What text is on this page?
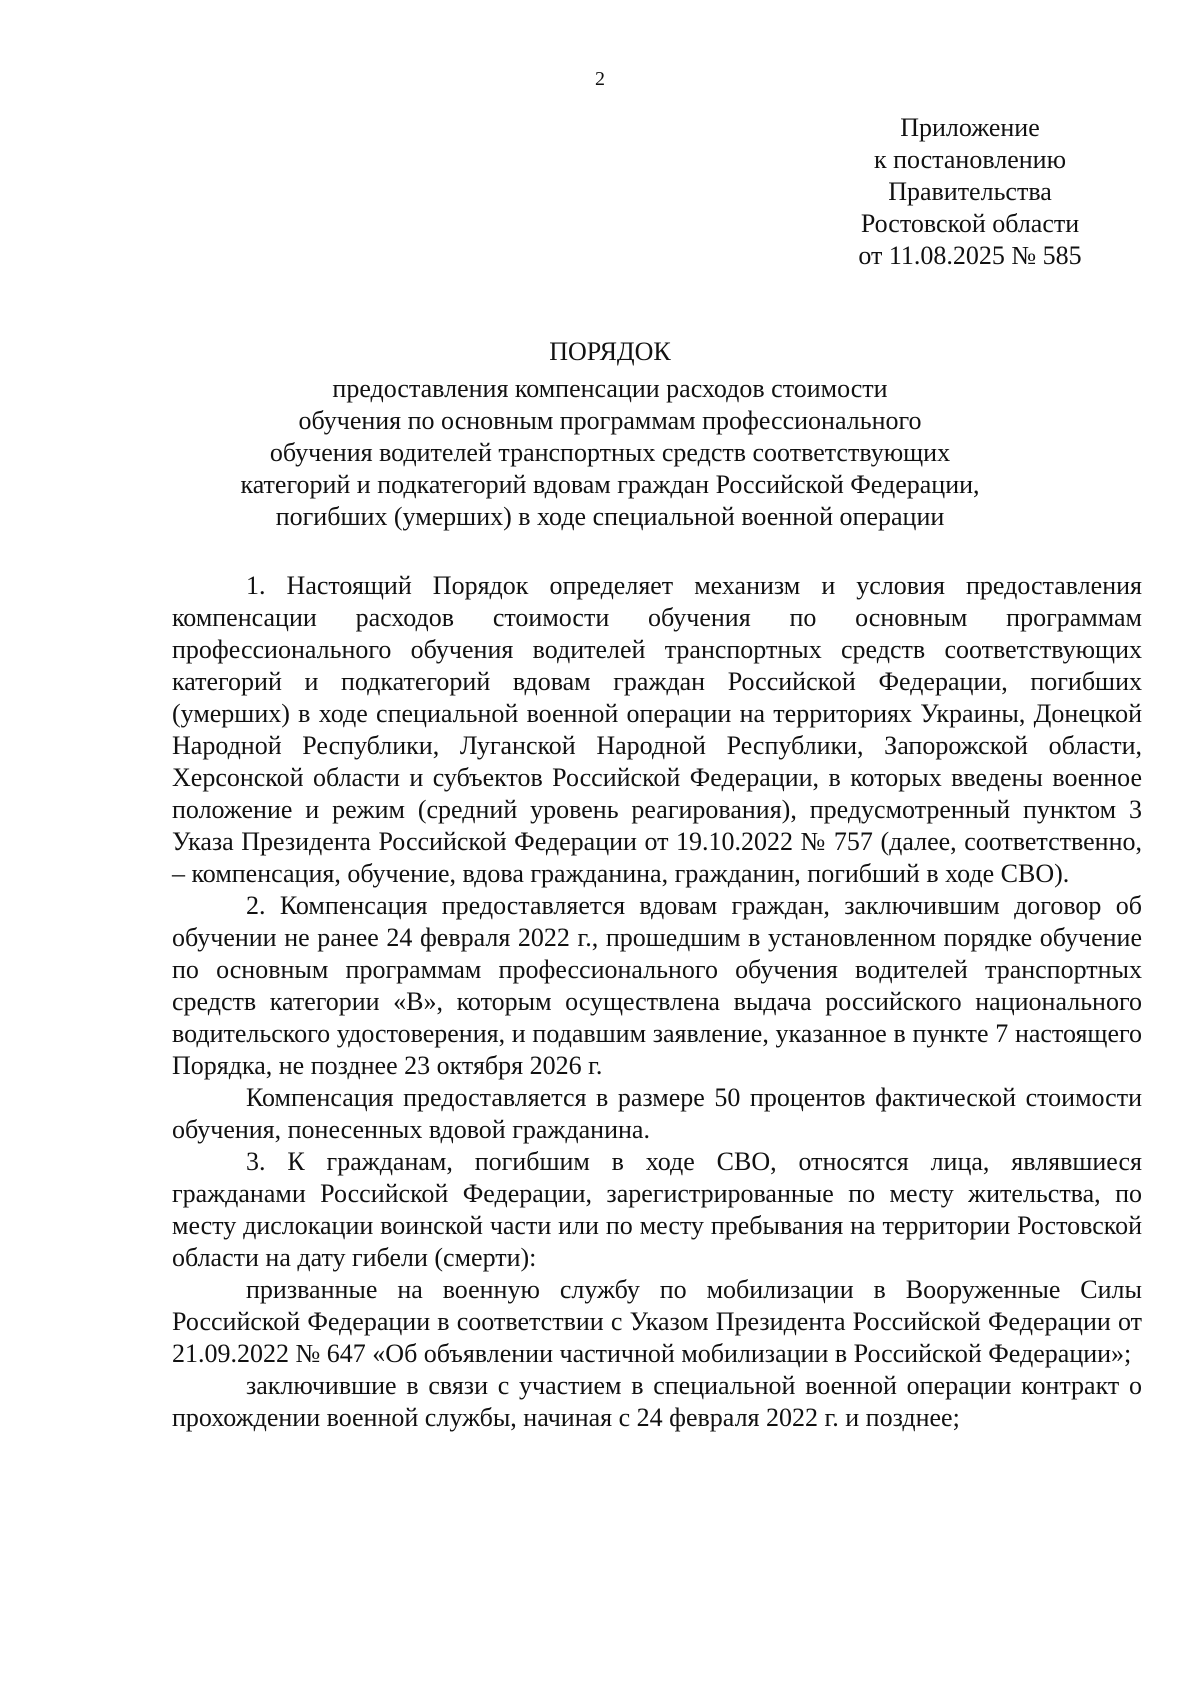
2
Приложение
к постановлению
Правительства
Ростовской области
от 11.08.2025 № 585
ПОРЯДОК
предоставления компенсации расходов стоимости
обучения по основным программам профессионального
обучения водителей транспортных средств соответствующих
категорий и подкатегорий вдовам граждан Российской Федерации,
погибших (умерших) в ходе специальной военной операции

1. Настоящий Порядок определяет механизм и условия предоставления компенсации расходов стоимости обучения по основным программам профессионального обучения водителей транспортных средств соответствующих категорий и подкатегорий вдовам граждан Российской Федерации, погибших (умерших) в ходе специальной военной операции на территориях Украины, Донецкой Народной Республики, Луганской Народной Республики, Запорожской области, Херсонской области и субъектов Российской Федерации, в которых введены военное положение и режим (средний уровень реагирования), предусмотренный пунктом 3 Указа Президента Российской Федерации от 19.10.2022 № 757 (далее, соответственно, – компенсация, обучение, вдова гражданина, гражданин, погибший в ходе СВО).

2. Компенсация предоставляется вдовам граждан, заключившим договор об обучении не ранее 24 февраля 2022 г., прошедшим в установленном порядке обучение по основным программам профессионального обучения водителей транспортных средств категории «В», которым осуществлена выдача российского национального водительского удостоверения, и подавшим заявление, указанное в пункте 7 настоящего Порядка, не позднее 23 октября 2026 г.

Компенсация предоставляется в размере 50 процентов фактической стоимости обучения, понесенных вдовой гражданина.

3. К гражданам, погибшим в ходе СВО, относятся лица, являвшиеся гражданами Российской Федерации, зарегистрированные по месту жительства, по месту дислокации воинской части или по месту пребывания на территории Ростовской области на дату гибели (смерти):

призванные на военную службу по мобилизации в Вооруженные Силы Российской Федерации в соответствии с Указом Президента Российской Федерации от 21.09.2022 № 647 «Об объявлении частичной мобилизации в Российской Федерации»;

заключившие в связи с участием в специальной военной операции контракт о прохождении военной службы, начиная с 24 февраля 2022 г. и позднее;
